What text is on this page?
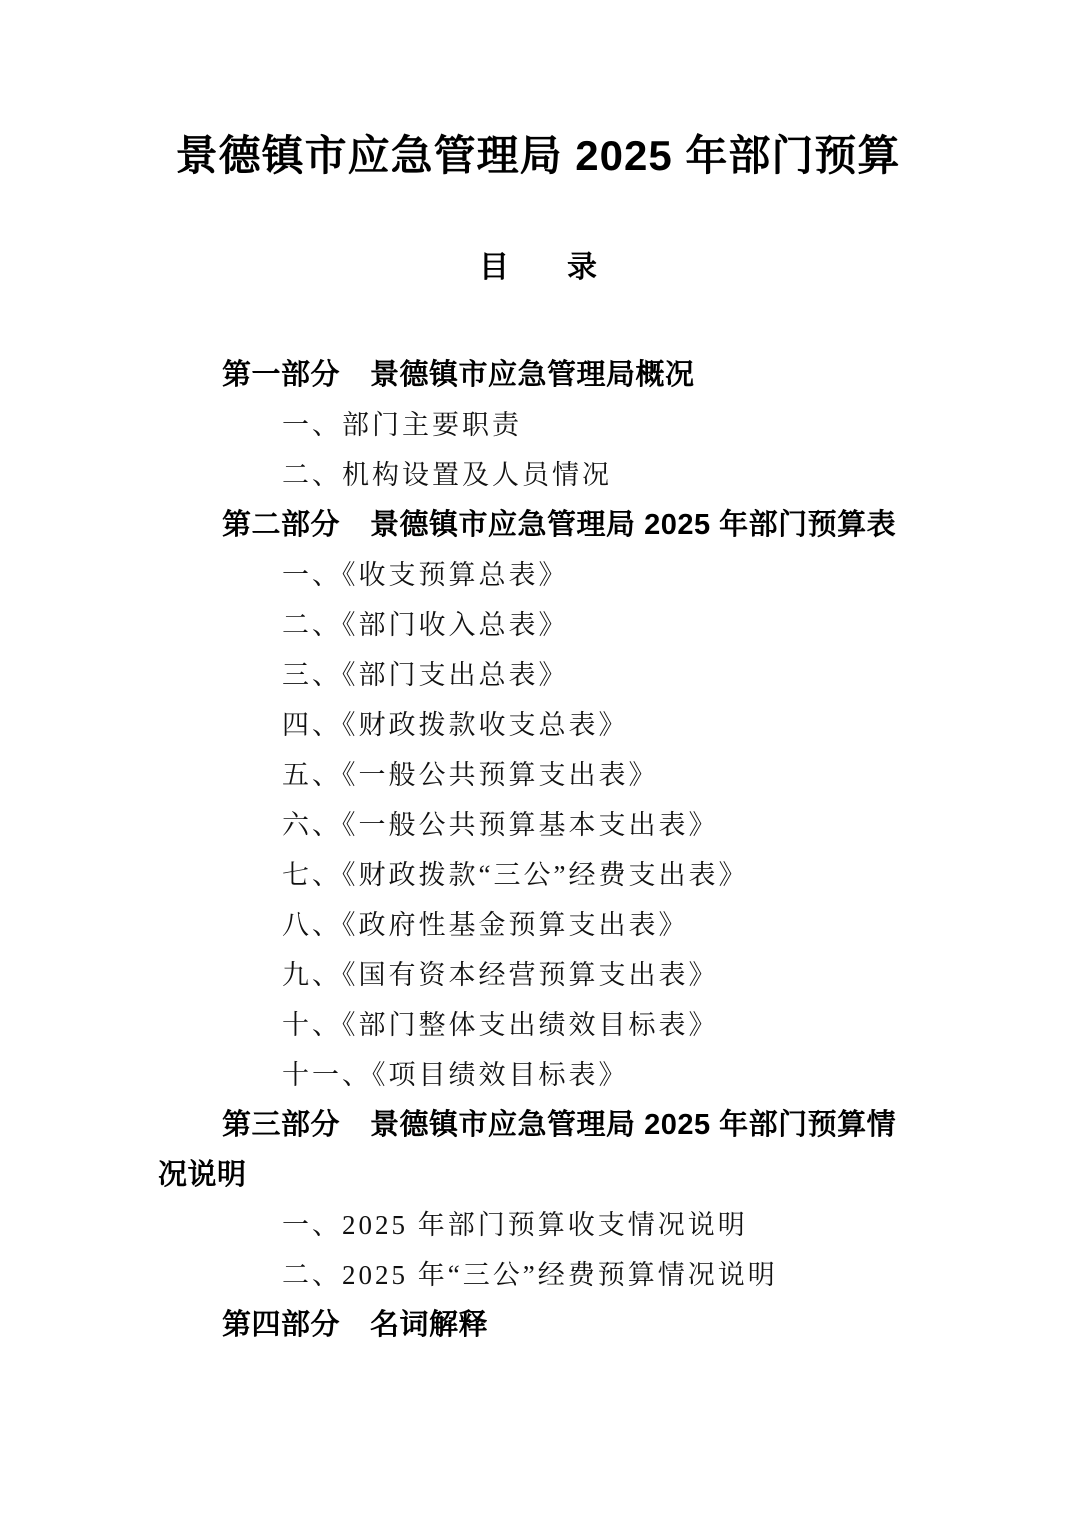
景德镇市应急管理局 2025 年部门预算
目 录

第一部分 景德镇市应急管理局概况

一、部门主要职责

二、机构设置及人员情况

第二部分 景德镇市应急管理局 2025 年部门预算表

一、《收支预算总表》

二、《部门收入总表》

三、《部门支出总表》

四、《财政拨款收支总表》

五、《一般公共预算支出表》

六、《一般公共预算基本支出表》

七、《财政拨款“三公”经费支出表》

八、《政府性基金预算支出表》

九、《国有资本经营预算支出表》

十、《部门整体支出绩效目标表》

十一、《项目绩效目标表》

第三部分 景德镇市应急管理局 2025 年部门预算情况说明

一、2025 年部门预算收支情况说明

二、2025 年“三公”经费预算情况说明

第四部分 名词解释
